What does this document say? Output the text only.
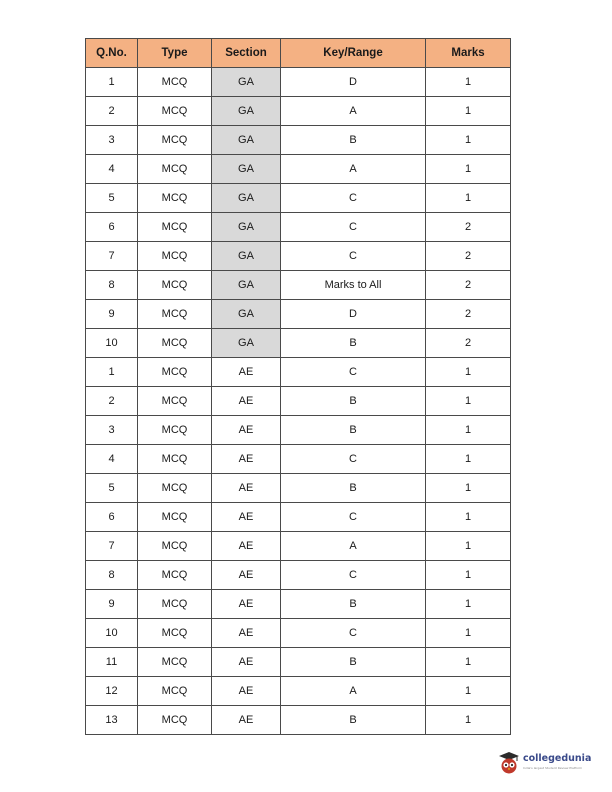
Q.No.	Type	Section	Key/Range	Marks
1	MCQ	GA	D	1
2	MCQ	GA	A	1
3	MCQ	GA	B	1
4	MCQ	GA	A	1
5	MCQ	GA	C	1
6	MCQ	GA	C	2
7	MCQ	GA	C	2
8	MCQ	GA	Marks to All	2
9	MCQ	GA	D	2
10	MCQ	GA	B	2
1	MCQ	AE	C	1
2	MCQ	AE	B	1
3	MCQ	AE	B	1
4	MCQ	AE	C	1
5	MCQ	AE	B	1
6	MCQ	AE	C	1
7	MCQ	AE	A	1
8	MCQ	AE	C	1
9	MCQ	AE	B	1
10	MCQ	AE	C	1
11	MCQ	AE	B	1
12	MCQ	AE	A	1
13	MCQ	AE	B	1
collegedunia
India's largest Student Review Platform
